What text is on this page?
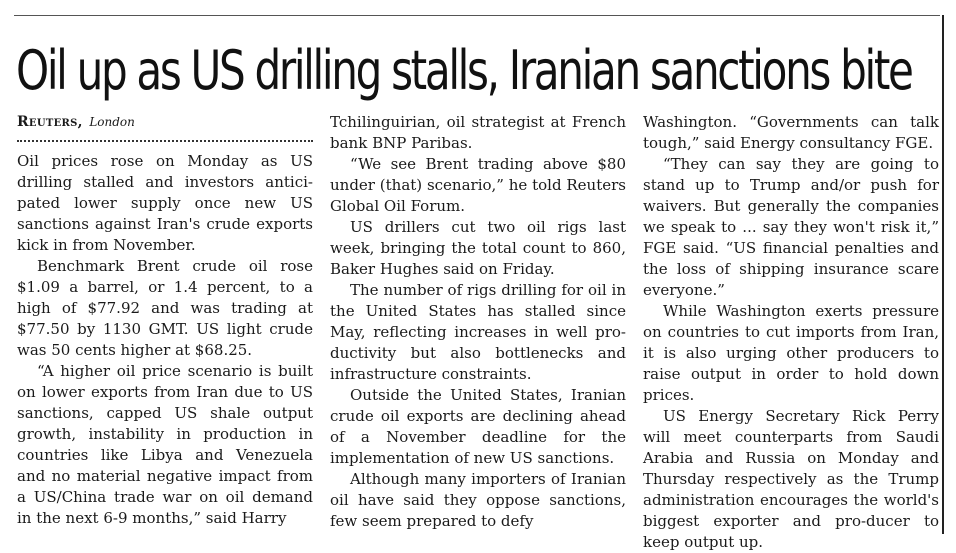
Oil up as US drilling stalls, Iranian sanctions bite
Reuters, London

Oil prices rose on Monday as US drilling stalled and investors antici-pated lower supply once new US sanctions against Iran's crude exports kick in from November.

Benchmark Brent crude oil rose $1.09 a barrel, or 1.4 percent, to a high of $77.92 and was trading at $77.50 by 1130 GMT. US light crude was 50 cents higher at $68.25.

“A higher oil price scenario is built on lower exports from Iran due to US sanctions, capped US shale output growth, instability in production in countries like Libya and Venezuela and no material negative impact from a US/China trade war on oil demand in the next 6-9 months,” said Harry

Tchilinguirian, oil strategist at French bank BNP Paribas.

“We see Brent trading above $80 under (that) scenario,” he told Reuters Global Oil Forum.

US drillers cut two oil rigs last week, bringing the total count to 860, Baker Hughes said on Friday.

The number of rigs drilling for oil in the United States has stalled since May, reflecting increases in well pro-ductivity but also bottlenecks and infrastructure constraints.

Outside the United States, Iranian crude oil exports are declining ahead of a November deadline for the implementation of new US sanctions.

Although many importers of Iranian oil have said they oppose sanctions, few seem prepared to defy

Washington. “Governments can talk tough,” said Energy consultancy FGE.

“They can say they are going to stand up to Trump and/or push for waivers. But generally the companies we speak to ... say they won't risk it,” FGE said. “US financial penalties and the loss of shipping insurance scare everyone.”

While Washington exerts pressure on countries to cut imports from Iran, it is also urging other producers to raise output in order to hold down prices.

US Energy Secretary Rick Perry will meet counterparts from Saudi Arabia and Russia on Monday and Thursday respectively as the Trump administration encourages the world's biggest exporter and pro-ducer to keep output up.
